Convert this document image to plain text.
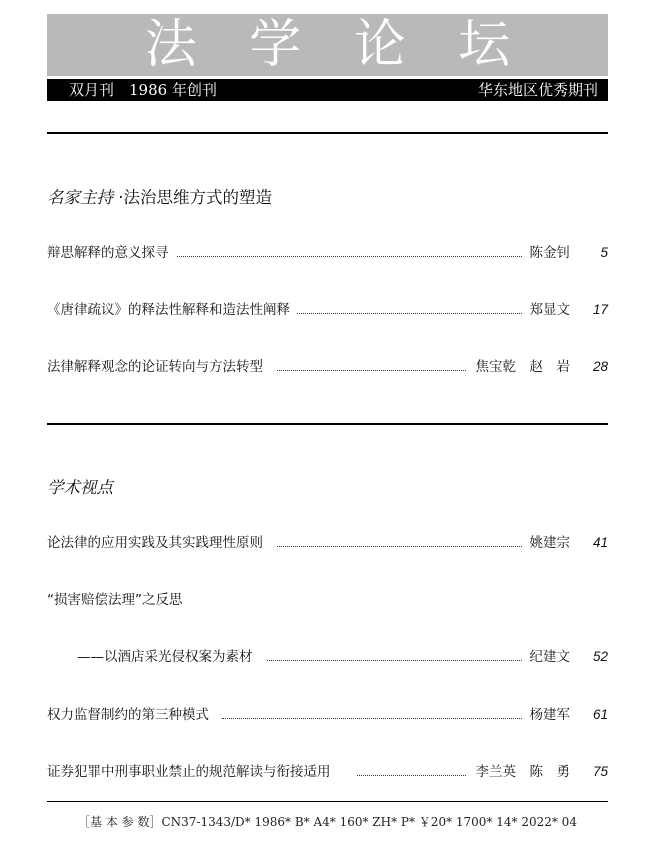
法 学 论 坛
双月刊　1986 年创刊	华东地区优秀期刊
名家主持 ·法治思维方式的塑造
辩思解释的意义探寻	陈金钊 5
《唐律疏议》的释法性解释和造法性阐释	郑显文 17
法律解释观念的论证转向与方法转型	焦宝乾　赵　岩 28
学术视点
论法律的应用实践及其实践理性原则	姚建宗 41
“损害赔偿法理”之反思
——以酒店采光侵权案为素材	纪建文 52
权力监督制约的第三种模式	杨建军 61
证券犯罪中刑事职业禁止的规范解读与衔接适用	李兰英　陈　勇 75
［基 本 参 数］CN37-1343/D* 1986* B* A4* 160* ZH* P* ￥20* 1700* 14* 2022* 04
